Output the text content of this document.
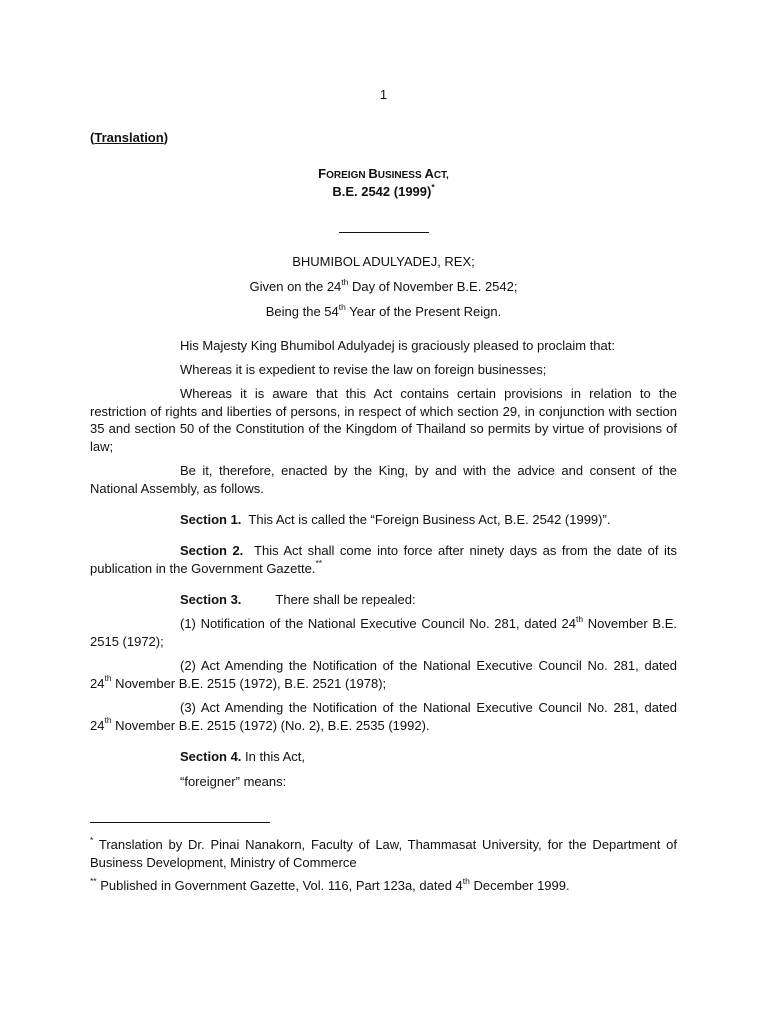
1

(Translation)

FOREIGN BUSINESS ACT,

B.E. 2542 (1999)*

BHUMIBOL ADULYADEJ, REX;

Given on the 24th Day of November B.E. 2542;

Being the 54th Year of the Present Reign.

His Majesty King Bhumibol Adulyadej is graciously pleased to proclaim that:

Whereas it is expedient to revise the law on foreign businesses;

Whereas it is aware that this Act contains certain provisions in relation to the restriction of rights and liberties of persons, in respect of which section 29, in conjunction with section 35 and section 50 of the Constitution of the Kingdom of Thailand so permits by virtue of provisions of law;

Be it, therefore, enacted by the King, by and with the advice and consent of the National Assembly, as follows.

Section 1. This Act is called the “Foreign Business Act, B.E. 2542 (1999)”.

Section 2. This Act shall come into force after ninety days as from the date of its publication in the Government Gazette.**

Section 3.	There shall be repealed:

(1) Notification of the National Executive Council No. 281, dated 24th November B.E. 2515 (1972);

(2) Act Amending the Notification of the National Executive Council No. 281, dated 24th November B.E. 2515 (1972), B.E. 2521 (1978);

(3) Act Amending the Notification of the National Executive Council No. 281, dated 24th November B.E. 2515 (1972) (No. 2), B.E. 2535 (1992).

Section 4. In this Act,

“foreigner” means:

* Translation by Dr. Pinai Nanakorn, Faculty of Law, Thammasat University, for the Department of Business Development, Ministry of Commerce

** Published in Government Gazette, Vol. 116, Part 123a, dated 4th December 1999.
